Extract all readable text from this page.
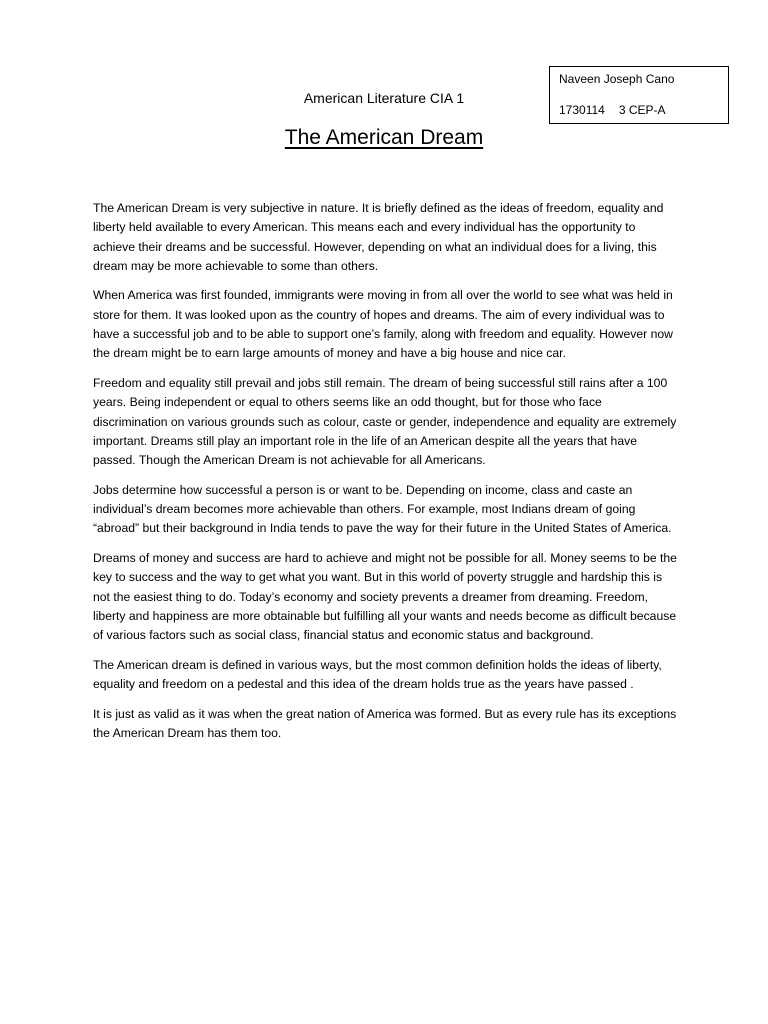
Naveen Joseph Cano
1730114 3 CEP-A
American Literature CIA 1
The American Dream

The American Dream is very subjective in nature. It is briefly defined as the ideas of freedom, equality and liberty held available to every American. This means each and every individual has the opportunity to achieve their dreams and be successful. However, depending on what an individual does for a living, this dream may be more achievable to some than others.

When America was first founded, immigrants were moving in from all over the world to see what was held in store for them. It was looked upon as the country of hopes and dreams. The aim of every individual was to have a successful job and to be able to support one’s family, along with freedom and equality. However now the dream might be to earn large amounts of money and have a big house and nice car.

Freedom and equality still prevail and jobs still remain. The dream of being successful still rains after a 100 years. Being independent or equal to others seems like an odd thought, but for those who face discrimination on various grounds such as colour, caste or gender, independence and equality are extremely important. Dreams still play an important role in the life of an American despite all the years that have passed. Though the American Dream is not achievable for all Americans.

Jobs determine how successful a person is or want to be. Depending on income, class and caste an individual’s dream becomes more achievable than others. For example, most Indians dream of going “abroad” but their background in India tends to pave the way for their future in the United States of America.

Dreams of money and success are hard to achieve and might not be possible for all. Money seems to be the key to success and the way to get what you want. But in this world of poverty struggle and hardship this is not the easiest thing to do. Today’s economy and society prevents a dreamer from dreaming. Freedom, liberty and happiness are more obtainable but fulfilling all your wants and needs become as difficult because of various factors such as social class, financial status and economic status and background.

The American dream is defined in various ways, but the most common definition holds the ideas of liberty, equality and freedom on a pedestal and this idea of the dream holds true as the years have passed .

It is just as valid as it was when the great nation of America was formed. But as every rule has its exceptions the American Dream has them too.
